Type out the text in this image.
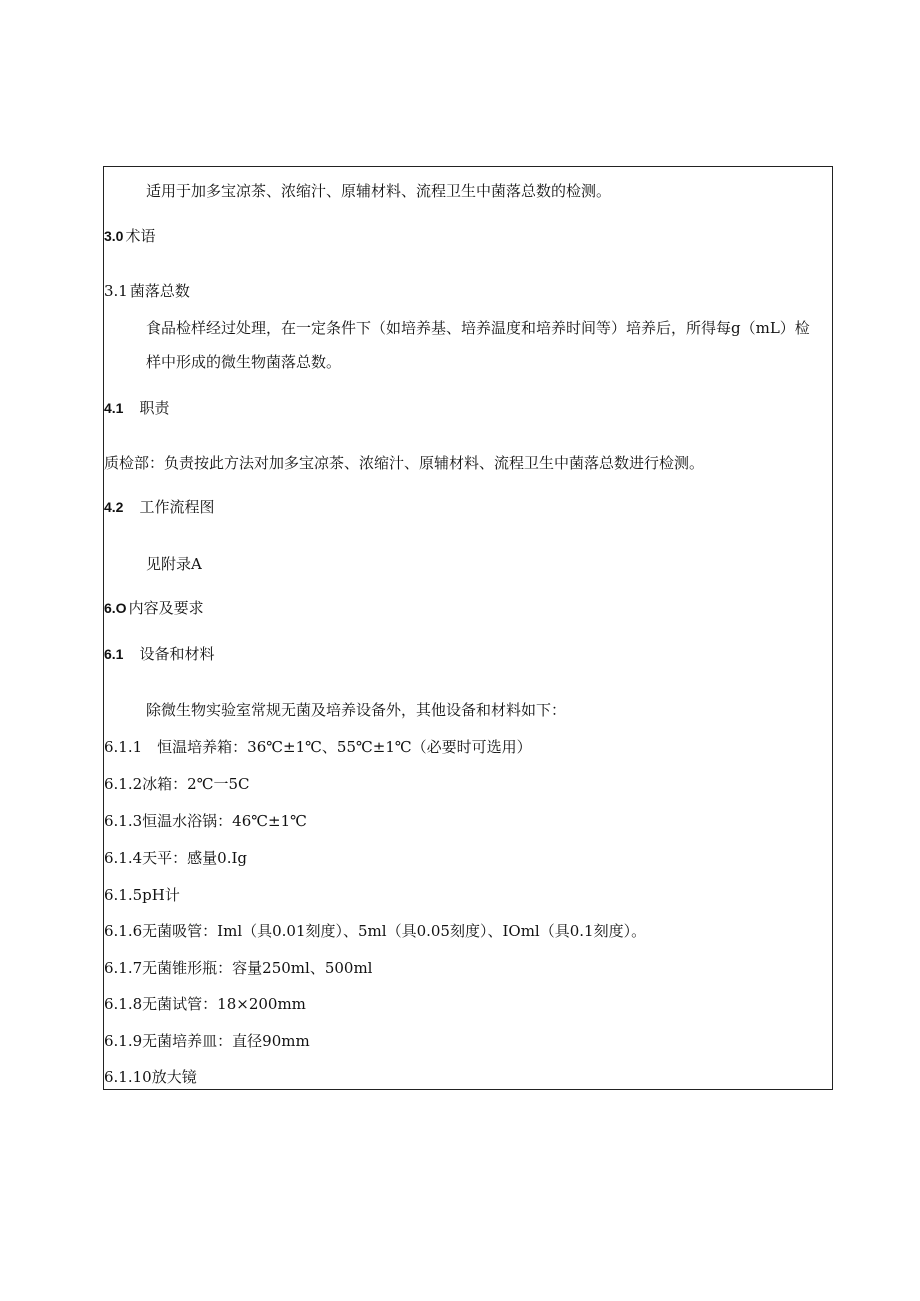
适用于加多宝凉茶、浓缩汁、原辅材料、流程卫生中菌落总数的检测。
3.0 术语
3.1 菌落总数
食品检样经过处理，在一定条件下（如培养基、培养温度和培养时间等）培养后，所得每g（mL）检样中形成的微生物菌落总数。
4.1 职责
质检部：负责按此方法对加多宝凉茶、浓缩汁、原辅材料、流程卫生中菌落总数进行检测。
4.2 工作流程图
见附录A
6.O 内容及要求
6.1 设备和材料
除微生物实验室常规无菌及培养设备外，其他设备和材料如下：
6.1.1　恒温培养箱：36℃±1℃、55℃±1℃（必要时可选用）
6.1.2冰箱：2℃一5C
6.1.3恒温水浴锅：46℃±1℃
6.1.4天平：感量0.Ig
6.1.5pH计
6.1.6无菌吸管：Iml（具0.01刻度）、5ml（具0.05刻度）、IOml（具0.1刻度）。
6.1.7无菌锥形瓶：容量250ml、500ml
6.1.8无菌试管：18×200mm
6.1.9无菌培养皿：直径90mm
6.1.10放大镜
